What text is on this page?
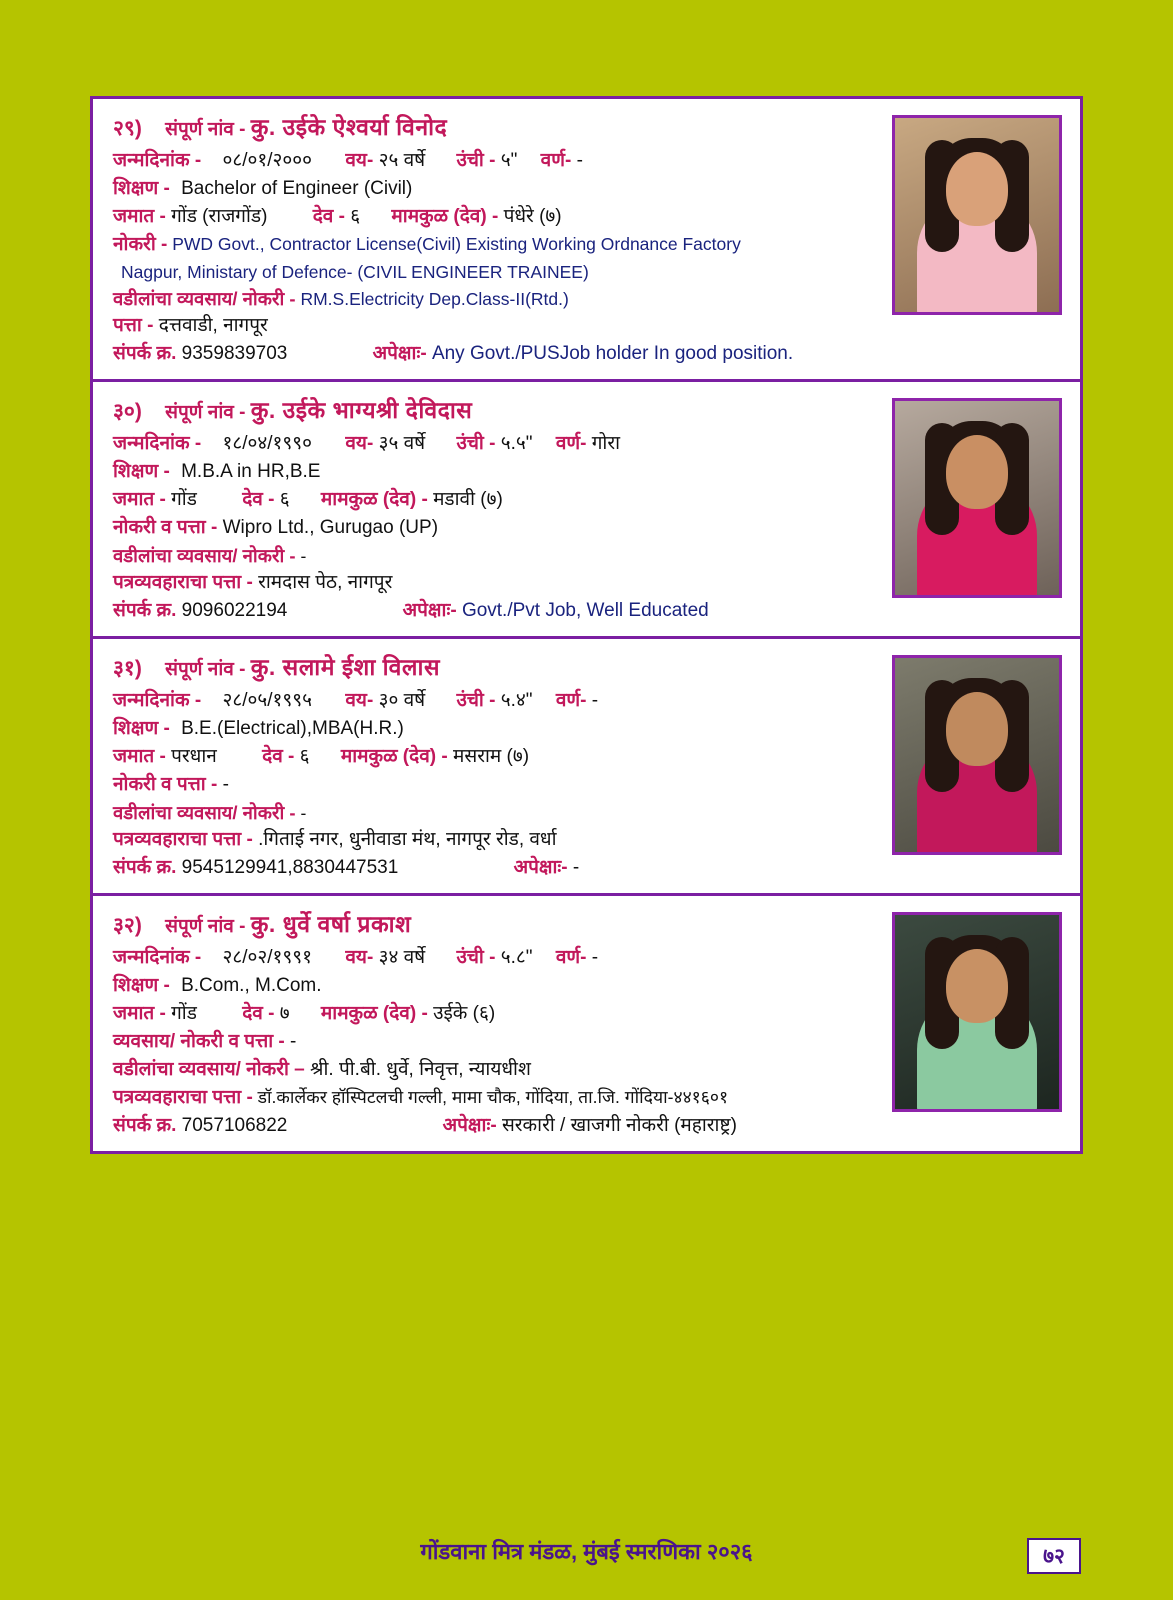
२९) संपूर्ण नांव - कु. उईके ऐश्वर्या विनोद
जन्मदिनांक - ०८/०१/२००० वय- २५ वर्षे उंची - ५" वर्ण- -
शिक्षण - Bachelor of Engineer (Civil)
जमात - गोंड (राजगोंड) देव - ६ मामकुळ (देव) - पंधेरे (७)
नोकरी - PWD Govt., Contractor License(Civil) Existing Working Ordnance Factory
Nagpur, Ministary of Defence- (CIVIL ENGINEER TRAINEE)
वडीलांचा व्यवसाय/ नोकरी - RM.S.Electricity Dep.Class-II(Rtd.)
पत्ता - दत्तवाडी, नागपूर
संपर्क क्र. 9359839703	अपेक्षाः- Any Govt./PUSJob holder In good position.
३०) संपूर्ण नांव - कु. उईके भाग्यश्री देविदास
जन्मदिनांक - १८/०४/१९९० वय- ३५ वर्षे उंची - ५.५" वर्ण- गोरा
शिक्षण - M.B.A in HR,B.E
जमात - गोंड देव - ६ मामकुळ (देव) - मडावी (७)
नोकरी व पत्ता - Wipro Ltd., Gurugao (UP)
वडीलांचा व्यवसाय/ नोकरी - -
पत्रव्यवहाराचा पत्ता - रामदास पेठ, नागपूर
संपर्क क्र. 9096022194	अपेक्षाः- Govt./Pvt Job, Well Educated
३१) संपूर्ण नांव - कु. सलामे ईशा विलास
जन्मदिनांक - २८/०५/१९९५ वय- ३० वर्षे उंची - ५.४" वर्ण- -
शिक्षण - B.E.(Electrical),MBA(H.R.)
जमात - परधान देव - ६ मामकुळ (देव) - मसराम (७)
नोकरी व पत्ता - -
वडीलांचा व्यवसाय/ नोकरी - -
पत्रव्यवहाराचा पत्ता - .गिताई नगर, धुनीवाडा मंथ, नागपूर रोड, वर्धा
संपर्क क्र. 9545129941,8830447531	अपेक्षाः- -
३२) संपूर्ण नांव - कु. धुर्वे वर्षा प्रकाश
जन्मदिनांक - २८/०२/१९९१ वय- ३४ वर्षे उंची - ५.८" वर्ण- -
शिक्षण - B.Com., M.Com.
जमात - गोंड देव - ७ मामकुळ (देव) - उईके (६)
व्यवसाय/ नोकरी व पत्ता - -
वडीलांचा व्यवसाय/ नोकरी – श्री. पी.बी. धुर्वे, निवृत्त, न्यायधीश
पत्रव्यवहाराचा पत्ता - डॉ.कार्लेकर हॉस्पिटलची गल्ली, मामा चौक, गोंदिया, ता.जि. गोंदिया-४४१६०१
संपर्क क्र. 7057106822	अपेक्षाः- सरकारी / खाजगी नोकरी (महाराष्ट्र)
गोंडवाना मित्र मंडळ, मुंबई स्मरणिका २०२६	७२
